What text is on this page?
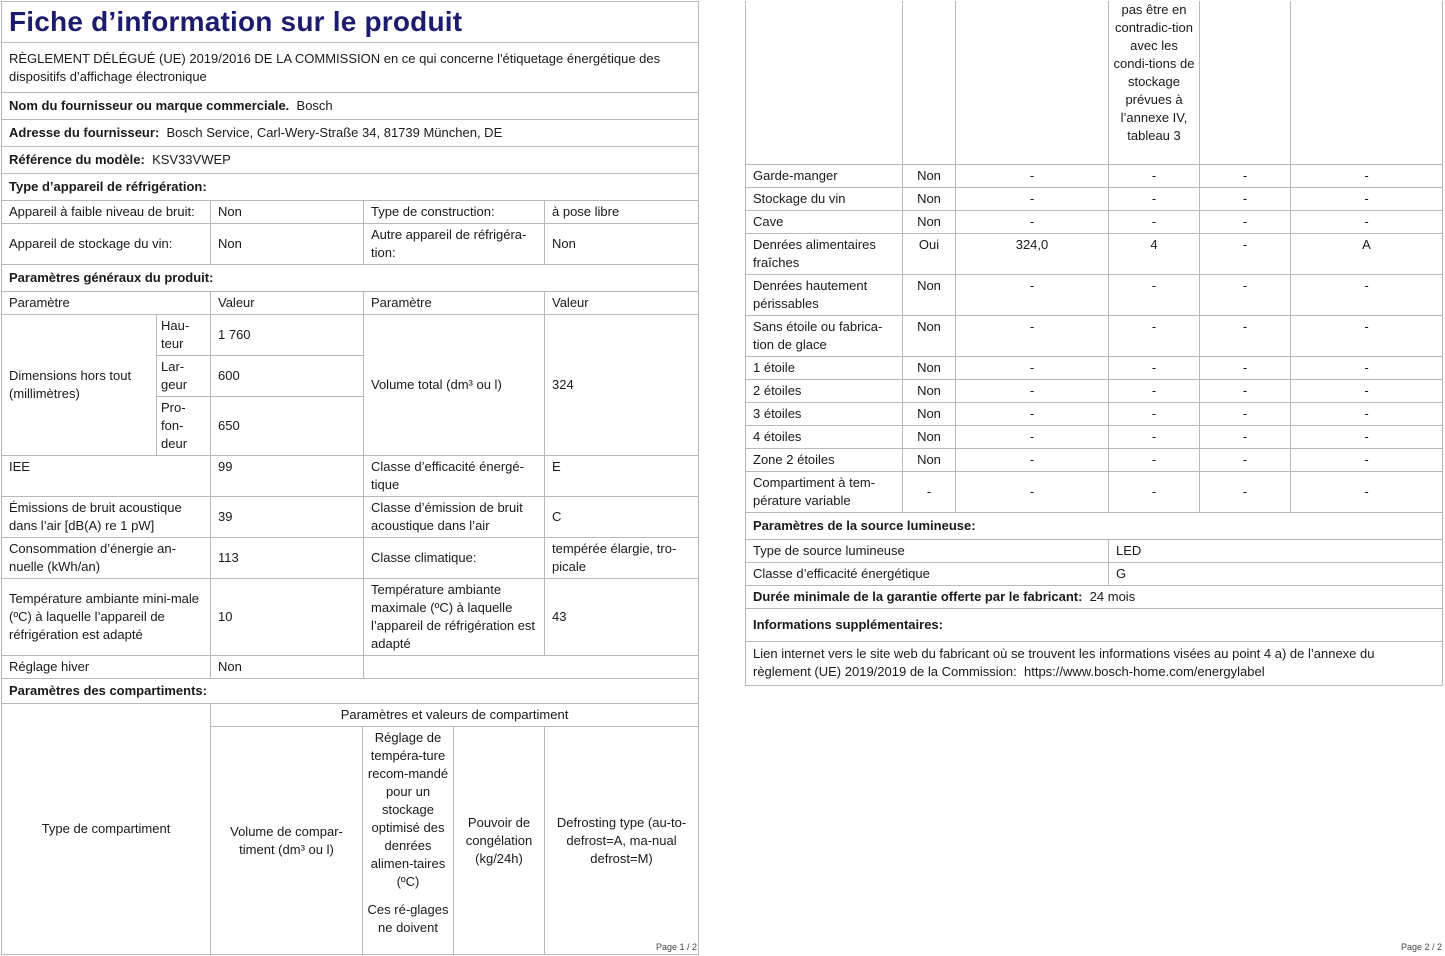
Fiche d’information sur le produit				
RÈGLEMENT DÉLÉGUÉ (UE) 2019/2016 DE LA COMMISSION en ce qui concerne l'étiquetage énergétique des dispositifs d’affichage électronique				
Nom du fournisseur ou marque commerciale. Bosch				
Adresse du fournisseur: Bosch Service, Carl-Wery-Straße 34, 81739 München, DE				
Référence du modèle: KSV33VWEP				
Type d’appareil de réfrigération:				
Appareil à faible niveau de bruit:		Non	Type de construction:	à pose libre
Appareil de stockage du vin:		Non	Autre appareil de réfrigéra-tion:	Non
Paramètres généraux du produit:				
Paramètre		Valeur	Paramètre	Valeur
Dimensions hors tout (millimètres)	Hau-teur	1 760	Volume total (dm³ ou l)	324
	Lar-geur	600		
	Pro-fon-deur	650		
IEE		99	Classe d’efficacité énergé-tique	E
Émissions de bruit acoustique dans l’air [dB(A) re 1 pW]		39	Classe d’émission de bruit acoustique dans l’air	C
Consommation d’énergie an-nuelle (kWh/an)		113	Classe climatique:	tempérée élargie, tro-picale
Température ambiante mini-male (ºC) à laquelle l’appareil de réfrigération est adapté		10	Température ambiante maximale (ºC) à laquelle l’appareil de réfrigération est adapté	43
Réglage hiver		Non		
Paramètres des compartiments:				
Type de compartiment	Paramètres et valeurs de compartiment			
	Volume de compar-timent (dm³ ou l)	Réglage de tempéra-ture recom-mandé pour un stockage optimisé des denrées alimen-taires (ºC)	Pouvoir de congélation (kg/24h)	Defrosting type (au-to-defrost=A, ma-nual defrost=M)
		Ces ré-glages ne doivent		
Page 1 / 2
			pas être en contradic-tion avec les condi-tions de stockage prévues à l’annexe IV, tableau 3		
Garde-manger	Non	-	-	-	-
Stockage du vin	Non	-	-	-	-
Cave	Non	-	-	-	-
Denrées alimentaires fraîches	Oui	324,0	4	-	A
Denrées hautement périssables	Non	-	-	-	-
Sans étoile ou fabrica-tion de glace	Non	-	-	-	-
1 étoile	Non	-	-	-	-
2 étoiles	Non	-	-	-	-
3 étoiles	Non	-	-	-	-
4 étoiles	Non	-	-	-	-
Zone 2 étoiles	Non	-	-	-	-
Compartiment à tem-pérature variable	-	-	-	-	-
Paramètres de la source lumineuse:					
Type de source lumineuse			LED		
Classe d’efficacité énergétique			G		
Durée minimale de la garantie offerte par le fabricant: 24 mois					
Informations supplémentaires:					
Lien internet vers le site web du fabricant où se trouvent les informations visées au point 4 a) de l’annexe du règlement (UE) 2019/2019 de la Commission: https://www.bosch-home.com/energylabel					
Page 2 / 2
